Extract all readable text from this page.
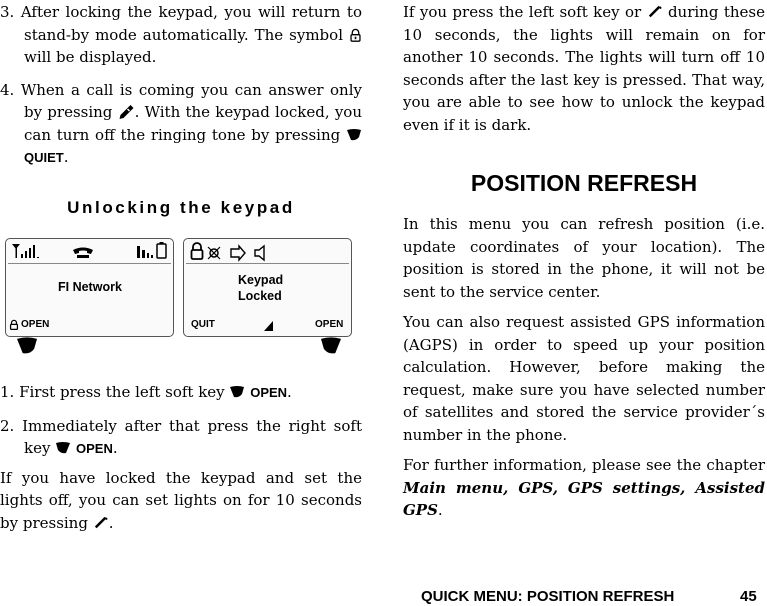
3. After locking the keypad, you will return to stand-by mode automatically. The symbol  will be displayed.

4. When a call is coming you can answer only by pressing . With the keypad locked, you can turn off the ringing tone by pressing  QUIET.

Unlocking the keypad
FI Network
OPEN
Keypad
Locked
QUIT	OPEN

1. First press the left soft key OPEN.

2. Immediately after that press the right soft key OPEN.

If you have locked the keypad and set the lights off, you can set lights on for 10 seconds by pressing .

If you press the left soft key or during these 10 seconds, the lights will remain on for another 10 seconds. The lights will turn off 10 seconds after the last key is pressed. That way, you are able to see how to unlock the keypad even if it is dark.

POSITION REFRESH

In this menu you can refresh position (i.e. update coordinates of your location). The position is stored in the phone, it will not be sent to the service center.

You can also request assisted GPS information (AGPS) in order to speed up your position calculation. However, before making the request, make sure you have selected number of satellites and stored the service provider´s number in the phone.

For further information, please see the chapter Main menu, GPS, GPS settings, Assisted GPS.

QUICK MENU: POSITION REFRESH	45
